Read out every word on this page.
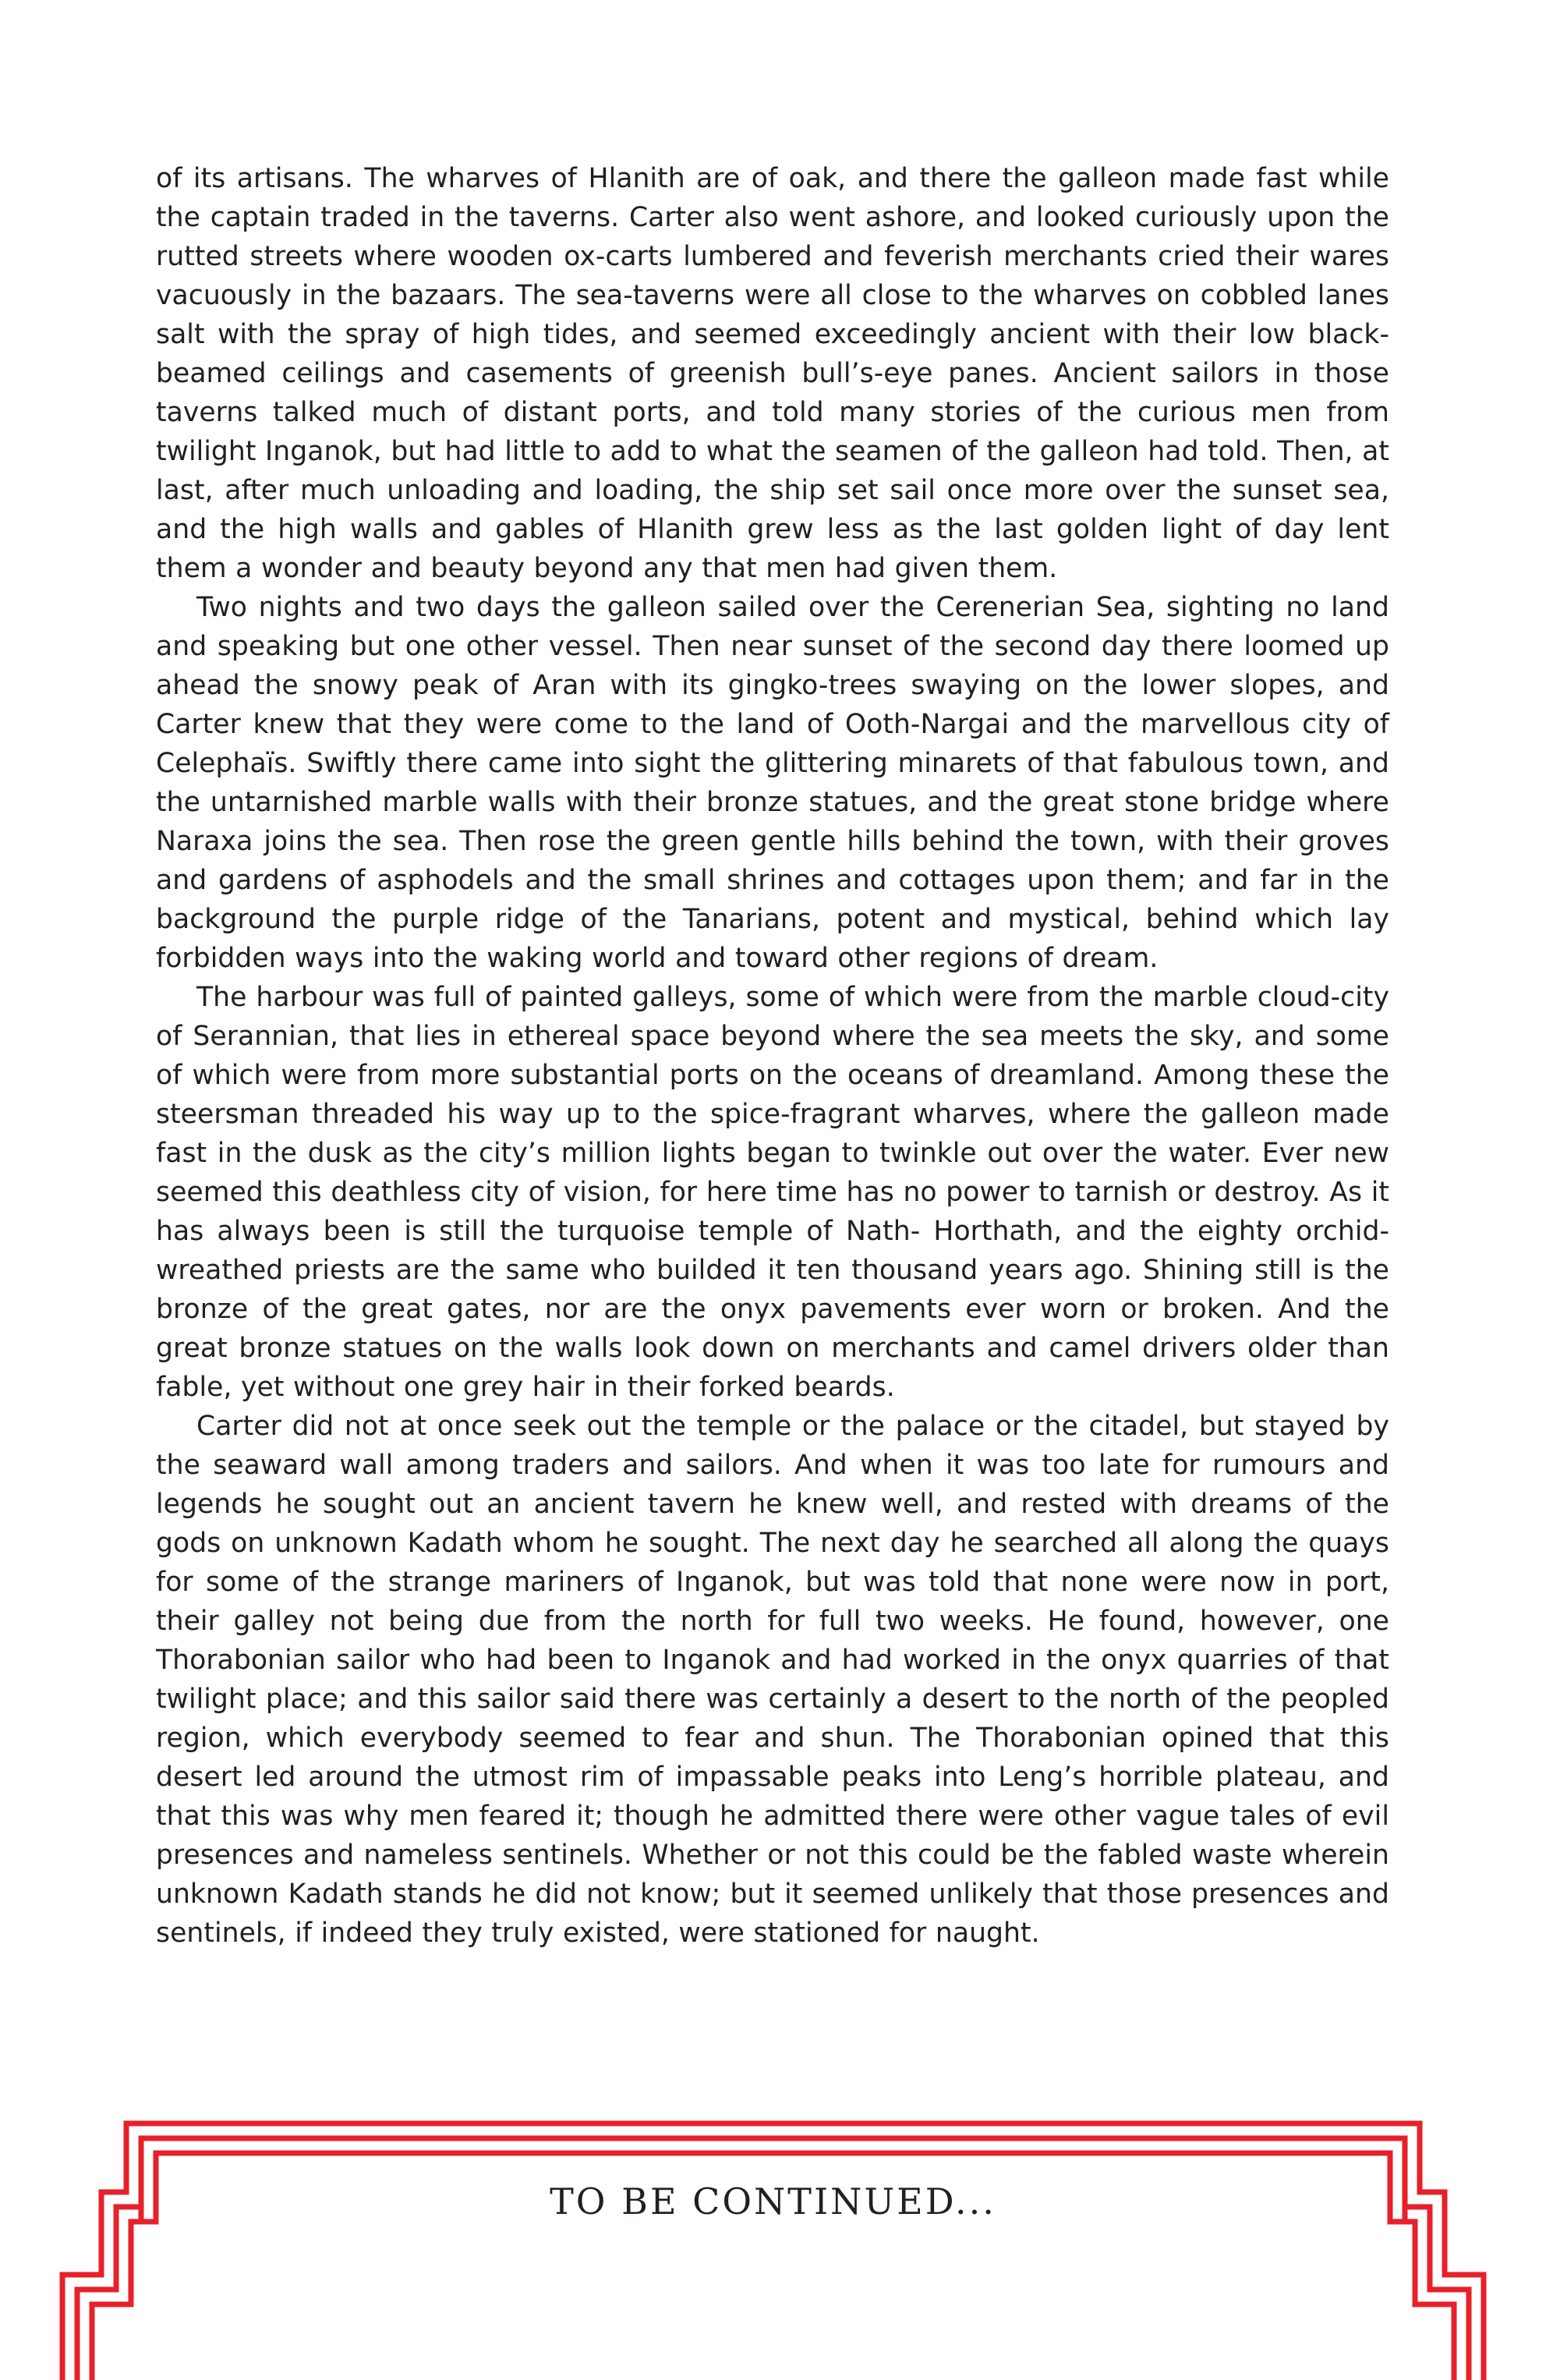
of its artisans. The wharves of Hlanith are of oak, and there the galleon made fast while the captain traded in the taverns. Carter also went ashore, and looked curiously upon the rutted streets where wooden ox-carts lumbered and feverish merchants cried their wares vacuously in the bazaars. The sea-taverns were all close to the wharves on cobbled lanes salt with the spray of high tides, and seemed exceedingly ancient with their low black-beamed ceilings and casements of greenish bull’s-eye panes. Ancient sailors in those taverns talked much of distant ports, and told many stories of the curious men from twilight Inganok, but had little to add to what the seamen of the galleon had told. Then, at last, after much unloading and loading, the ship set sail once more over the sunset sea, and the high walls and gables of Hlanith grew less as the last golden light of day lent them a wonder and beauty beyond any that men had given them.

Two nights and two days the galleon sailed over the Cerenerian Sea, sighting no land and speaking but one other vessel. Then near sunset of the second day there loomed up ahead the snowy peak of Aran with its gingko-trees swaying on the lower slopes, and Carter knew that they were come to the land of Ooth-Nargai and the marvellous city of Celephaïs. Swiftly there came into sight the glittering minarets of that fabulous town, and the untarnished marble walls with their bronze statues, and the great stone bridge where Naraxa joins the sea. Then rose the green gentle hills behind the town, with their groves and gardens of asphodels and the small shrines and cottages upon them; and far in the background the purple ridge of the Tanarians, potent and mystical, behind which lay forbidden ways into the waking world and toward other regions of dream.

The harbour was full of painted galleys, some of which were from the marble cloud-city of Serannian, that lies in ethereal space beyond where the sea meets the sky, and some of which were from more substantial ports on the oceans of dreamland. Among these the steersman threaded his way up to the spice-fragrant wharves, where the galleon made fast in the dusk as the city’s million lights began to twinkle out over the water. Ever new seemed this deathless city of vision, for here time has no power to tarnish or destroy. As it has always been is still the turquoise temple of Nath- Horthath, and the eighty orchid-wreathed priests are the same who builded it ten thousand years ago. Shining still is the bronze of the great gates, nor are the onyx pavements ever worn or broken. And the great bronze statues on the walls look down on merchants and camel drivers older than fable, yet without one grey hair in their forked beards.

Carter did not at once seek out the temple or the palace or the citadel, but stayed by the seaward wall among traders and sailors. And when it was too late for rumours and legends he sought out an ancient tavern he knew well, and rested with dreams of the gods on unknown Kadath whom he sought. The next day he searched all along the quays for some of the strange mariners of Inganok, but was told that none were now in port, their galley not being due from the north for full two weeks. He found, however, one Thorabonian sailor who had been to Inganok and had worked in the onyx quarries of that twilight place; and this sailor said there was certainly a desert to the north of the peopled region, which everybody seemed to fear and shun. The Thorabonian opined that this desert led around the utmost rim of impassable peaks into Leng’s horrible plateau, and that this was why men feared it; though he admitted there were other vague tales of evil presences and nameless sentinels. Whether or not this could be the fabled waste wherein unknown Kadath stands he did not know; but it seemed unlikely that those presences and sentinels, if indeed they truly existed, were stationed for naught.

TO BE CONTINUED...
